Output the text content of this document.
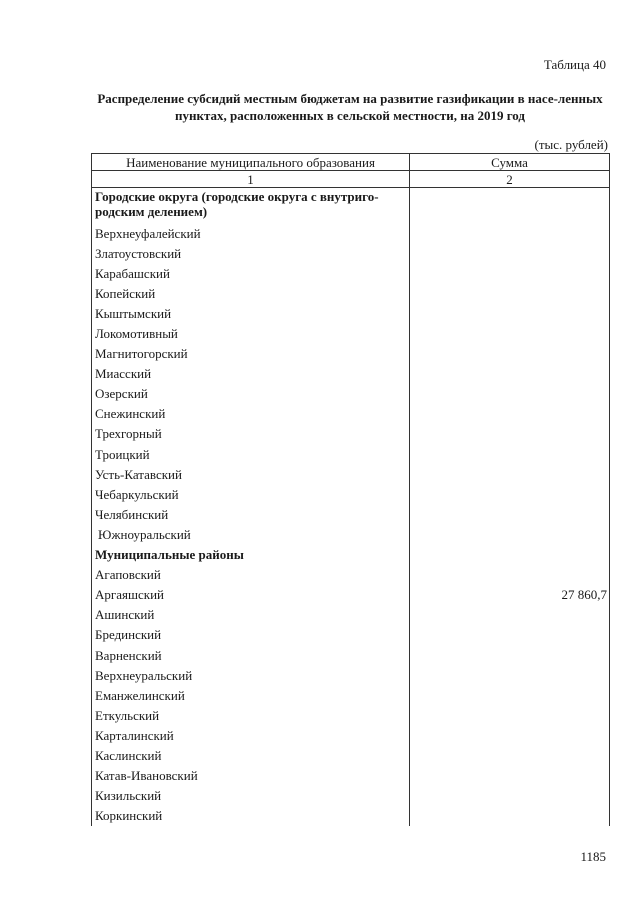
Таблица 40
Распределение субсидий местным бюджетам на развитие газификации в насе-ленных пунктах, расположенных в сельской местности, на 2019 год
(тыс. рублей)
Наименование муниципального образования	Сумма
1	2
Городские округа (городские округа с внутриго-родским делением)	
Верхнеуфалейский	
Златоустовский	
Карабашский	
Копейский	
Кыштымский	
Локомотивный	
Магнитогорский	
Миасский	
Озерский	
Снежинский	
Трехгорный	
Троицкий	
Усть-Катавский	
Чебаркульский	
Челябинский	
Южноуральский	
Муниципальные районы	
Агаповский	
Аргаяшский	27 860,7
Ашинский	
Брединский	
Варненский	
Верхнеуральский	
Еманжелинский	
Еткульский	
Карталинский	
Каслинский	
Катав-Ивановский	
Кизильский	
Коркинский	
1185
